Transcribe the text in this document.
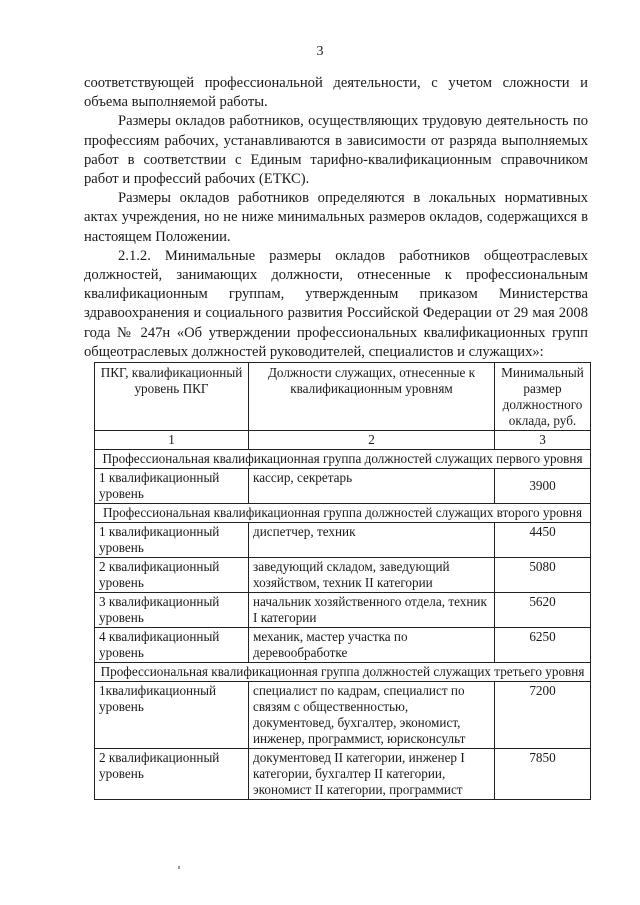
3

соответствующей профессиональной деятельности, с учетом сложности и объема выполняемой работы.

Размеры окладов работников, осуществляющих трудовую деятельность по профессиям рабочих, устанавливаются в зависимости от разряда выполняемых работ в соответствии с Единым тарифно-квалификационным справочником работ и профессий рабочих (ЕТКС).

Размеры окладов работников определяются в локальных нормативных актах учреждения, но не ниже минимальных размеров окладов, содержащихся в настоящем Положении.

2.1.2. Минимальные размеры окладов работников общеотраслевых должностей, занимающих должности, отнесенные к профессиональным квалификационным группам, утвержденным приказом Министерства здравоохранения и социального развития Российской Федерации от 29 мая 2008 года № 247н «Об утверждении профессиональных квалификационных групп общеотраслевых должностей руководителей, специалистов и служащих»:

ПКГ, квалификационный уровень ПКГ	Должности служащих, отнесенные к квалификационным уровням	Минимальный размер должностного оклада, руб.
1	2	3
Профессиональная квалификационная группа должностей служащих первого уровня		
1 квалификационный уровень	кассир, секретарь	3900
Профессиональная квалификационная группа должностей служащих второго уровня		
1 квалификационный уровень	диспетчер, техник	4450
2 квалификационный уровень	заведующий складом, заведующий хозяйством, техник II категории	5080
3 квалификационный уровень	начальник хозяйственного отдела, техник I категории	5620
4 квалификационный уровень	механик, мастер участка по деревообработке	6250
Профессиональная квалификационная группа должностей служащих третьего уровня		
1квалификационный уровень	специалист по кадрам, специалист по связям с общественностью, документовед, бухгалтер, экономист, инженер, программист, юрисконсульт	7200
2 квалификационный уровень	документовед II категории, инженер I категории, бухгалтер II категории, экономист II категории, программист	7850
